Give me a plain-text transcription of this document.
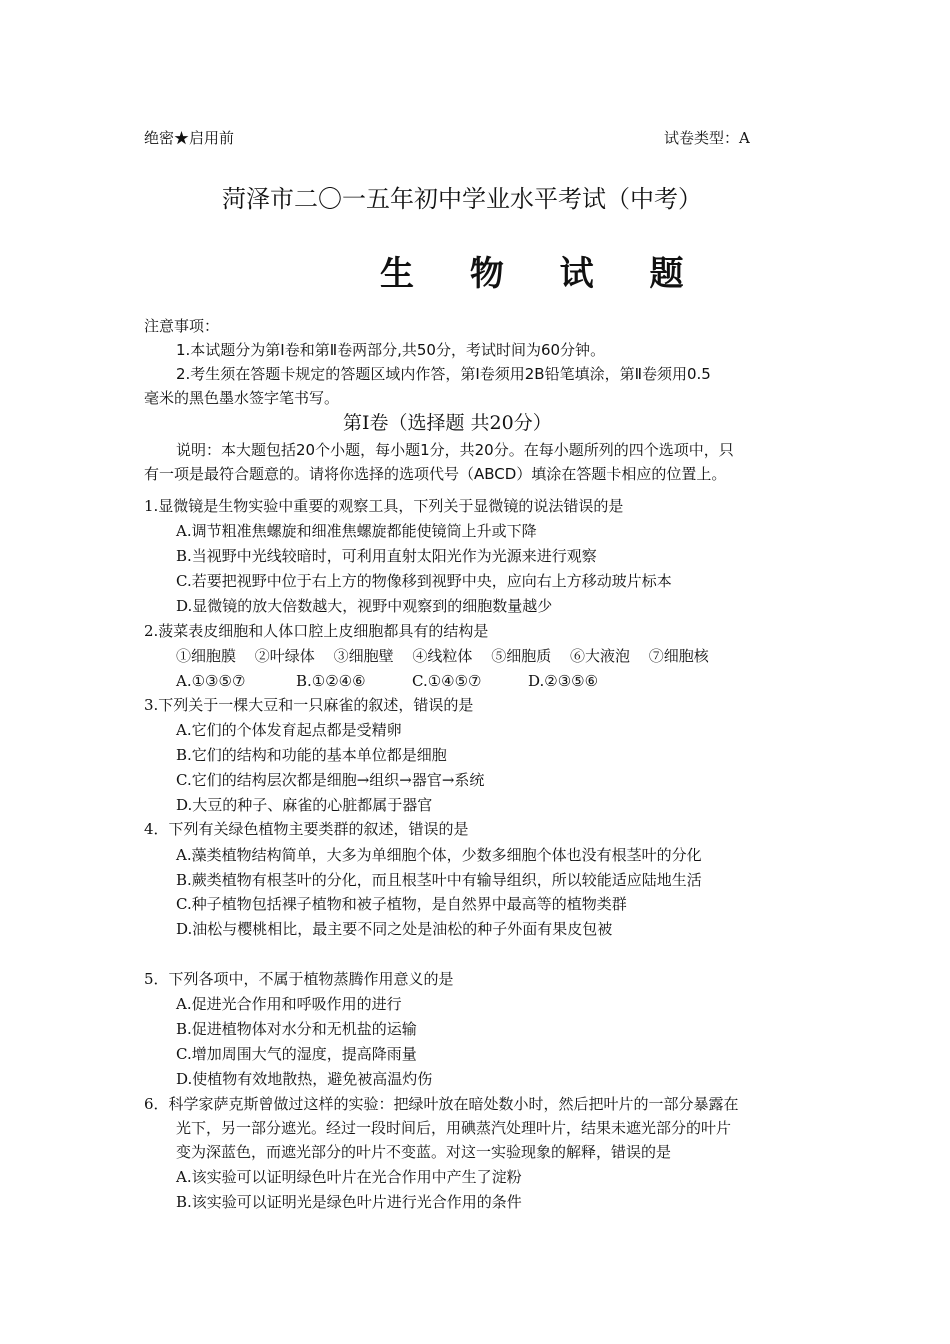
绝密★启用前	试卷类型：A
菏泽市二〇一五年初中学业水平考试（中考）
生 物 试 题
注意事项：
1.本试题分为第Ⅰ卷和第Ⅱ卷两部分,共50分，考试时间为60分钟。
2.考生须在答题卡规定的答题区域内作答，第Ⅰ卷须用2B铅笔填涂，第Ⅱ卷须用0.5
毫米的黑色墨水签字笔书写。
第Ⅰ卷（选择题 共20分）
说明：本大题包括20个小题，每小题1分，共20分。在每小题所列的四个选项中，只
有一项是最符合题意的。请将你选择的选项代号（ABCD）填涂在答题卡相应的位置上。
1.显微镜是生物实验中重要的观察工具，下列关于显微镜的说法错误的是
A.调节粗准焦螺旋和细准焦螺旋都能使镜筒上升或下降
B.当视野中光线较暗时，可利用直射太阳光作为光源来进行观察
C.若要把视野中位于右上方的物像移到视野中央，应向右上方移动玻片标本
D.显微镜的放大倍数越大，视野中观察到的细胞数量越少
2.菠菜表皮细胞和人体口腔上皮细胞都具有的结构是
①细胞膜 ②叶绿体 ③细胞壁 ④线粒体 ⑤细胞质 ⑥大液泡 ⑦细胞核
A.①③⑤⑦	B.①②④⑥	C.①④⑤⑦	D.②③⑤⑥
3.下列关于一棵大豆和一只麻雀的叙述，错误的是
A.它们的个体发育起点都是受精卵
B.它们的结构和功能的基本单位都是细胞
C.它们的结构层次都是细胞→组织→器官→系统
D.大豆的种子、麻雀的心脏都属于器官
4．下列有关绿色植物主要类群的叙述，错误的是
A.藻类植物结构简单，大多为单细胞个体，少数多细胞个体也没有根茎叶的分化
B.蕨类植物有根茎叶的分化，而且根茎叶中有输导组织，所以较能适应陆地生活
C.种子植物包括裸子植物和被子植物，是自然界中最高等的植物类群
D.油松与樱桃相比，最主要不同之处是油松的种子外面有果皮包被
5．下列各项中，不属于植物蒸腾作用意义的是
A.促进光合作用和呼吸作用的进行
B.促进植物体对水分和无机盐的运输
C.增加周围大气的湿度，提高降雨量
D.使植物有效地散热，避免被高温灼伤
6．科学家萨克斯曾做过这样的实验：把绿叶放在暗处数小时，然后把叶片的一部分暴露在
光下，另一部分遮光。经过一段时间后，用碘蒸汽处理叶片，结果未遮光部分的叶片
变为深蓝色，而遮光部分的叶片不变蓝。对这一实验现象的解释，错误的是
A.该实验可以证明绿色叶片在光合作用中产生了淀粉
B.该实验可以证明光是绿色叶片进行光合作用的条件
